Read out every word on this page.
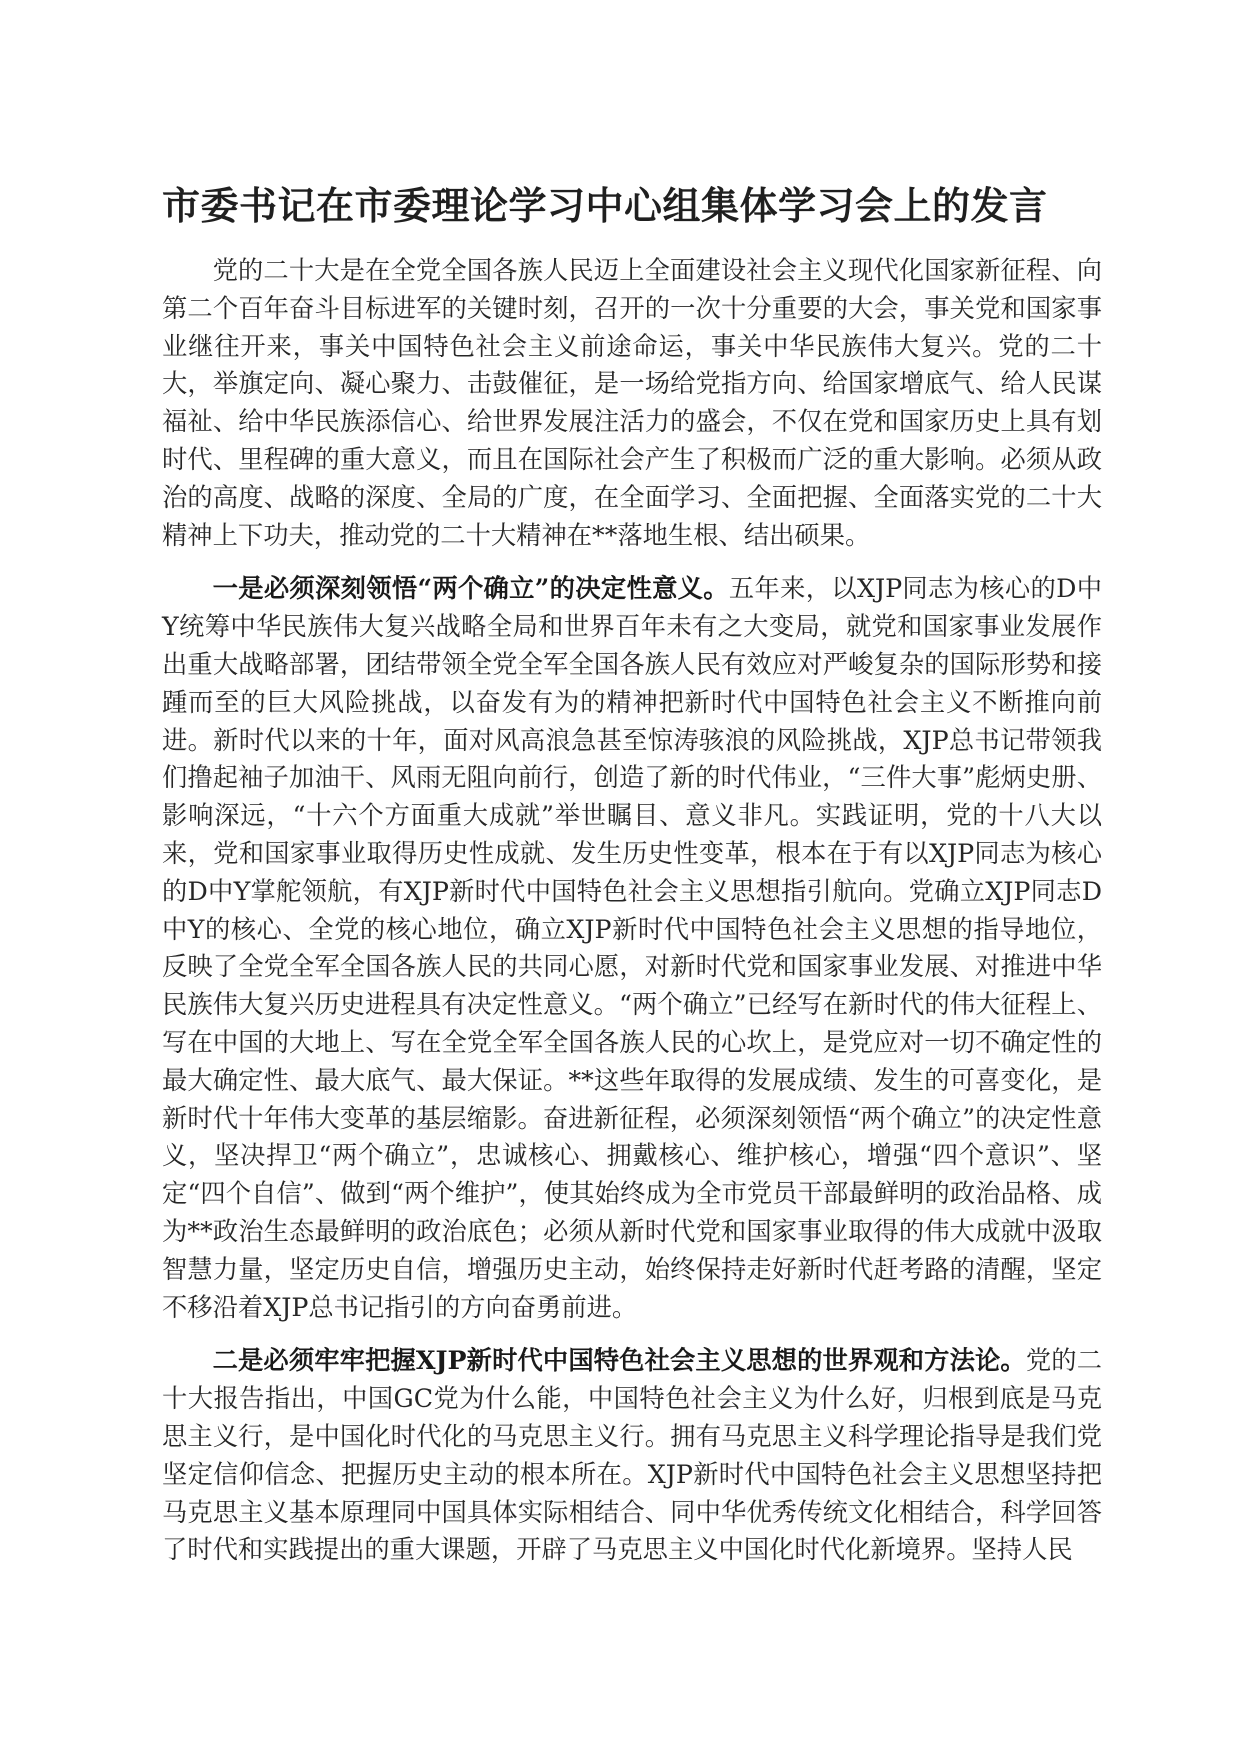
市委书记在市委理论学习中心组集体学习会上的发言

党的二十大是在全党全国各族人民迈上全面建设社会主义现代化国家新征程、向第二个百年奋斗目标进军的关键时刻，召开的一次十分重要的大会，事关党和国家事业继往开来，事关中国特色社会主义前途命运，事关中华民族伟大复兴。党的二十大，举旗定向、凝心聚力、击鼓催征，是一场给党指方向、给国家增底气、给人民谋福祉、给中华民族添信心、给世界发展注活力的盛会，不仅在党和国家历史上具有划时代、里程碑的重大意义，而且在国际社会产生了积极而广泛的重大影响。必须从政治的高度、战略的深度、全局的广度，在全面学习、全面把握、全面落实党的二十大精神上下功夫，推动党的二十大精神在**落地生根、结出硕果。

一是必须深刻领悟“两个确立”的决定性意义。五年来，以XJP同志为核心的D中Y统筹中华民族伟大复兴战略全局和世界百年未有之大变局，就党和国家事业发展作出重大战略部署，团结带领全党全军全国各族人民有效应对严峻复杂的国际形势和接踵而至的巨大风险挑战，以奋发有为的精神把新时代中国特色社会主义不断推向前进。新时代以来的十年，面对风高浪急甚至惊涛骇浪的风险挑战，XJP总书记带领我们撸起袖子加油干、风雨无阻向前行，创造了新的时代伟业，“三件大事”彪炳史册、影响深远，“十六个方面重大成就”举世瞩目、意义非凡。实践证明，党的十八大以来，党和国家事业取得历史性成就、发生历史性变革，根本在于有以XJP同志为核心的D中Y掌舵领航，有XJP新时代中国特色社会主义思想指引航向。党确立XJP同志D中Y的核心、全党的核心地位，确立XJP新时代中国特色社会主义思想的指导地位，反映了全党全军全国各族人民的共同心愿，对新时代党和国家事业发展、对推进中华民族伟大复兴历史进程具有决定性意义。“两个确立”已经写在新时代的伟大征程上、写在中国的大地上、写在全党全军全国各族人民的心坎上，是党应对一切不确定性的最大确定性、最大底气、最大保证。**这些年取得的发展成绩、发生的可喜变化，是新时代十年伟大变革的基层缩影。奋进新征程，必须深刻领悟“两个确立”的决定性意义，坚决捍卫“两个确立”，忠诚核心、拥戴核心、维护核心，增强“四个意识”、坚定“四个自信”、做到“两个维护”，使其始终成为全市党员干部最鲜明的政治品格、成为**政治生态最鲜明的政治底色；必须从新时代党和国家事业取得的伟大成就中汲取智慧力量，坚定历史自信，增强历史主动，始终保持走好新时代赶考路的清醒，坚定不移沿着XJP总书记指引的方向奋勇前进。

二是必须牢牢把握XJP新时代中国特色社会主义思想的世界观和方法论。党的二十大报告指出，中国GC党为什么能，中国特色社会主义为什么好，归根到底是马克思主义行，是中国化时代化的马克思主义行。拥有马克思主义科学理论指导是我们党坚定信仰信念、把握历史主动的根本所在。XJP新时代中国特色社会主义思想坚持把马克思主义基本原理同中国具体实际相结合、同中华优秀传统文化相结合，科学回答了时代和实践提出的重大课题，开辟了马克思主义中国化时代化新境界。坚持人民
